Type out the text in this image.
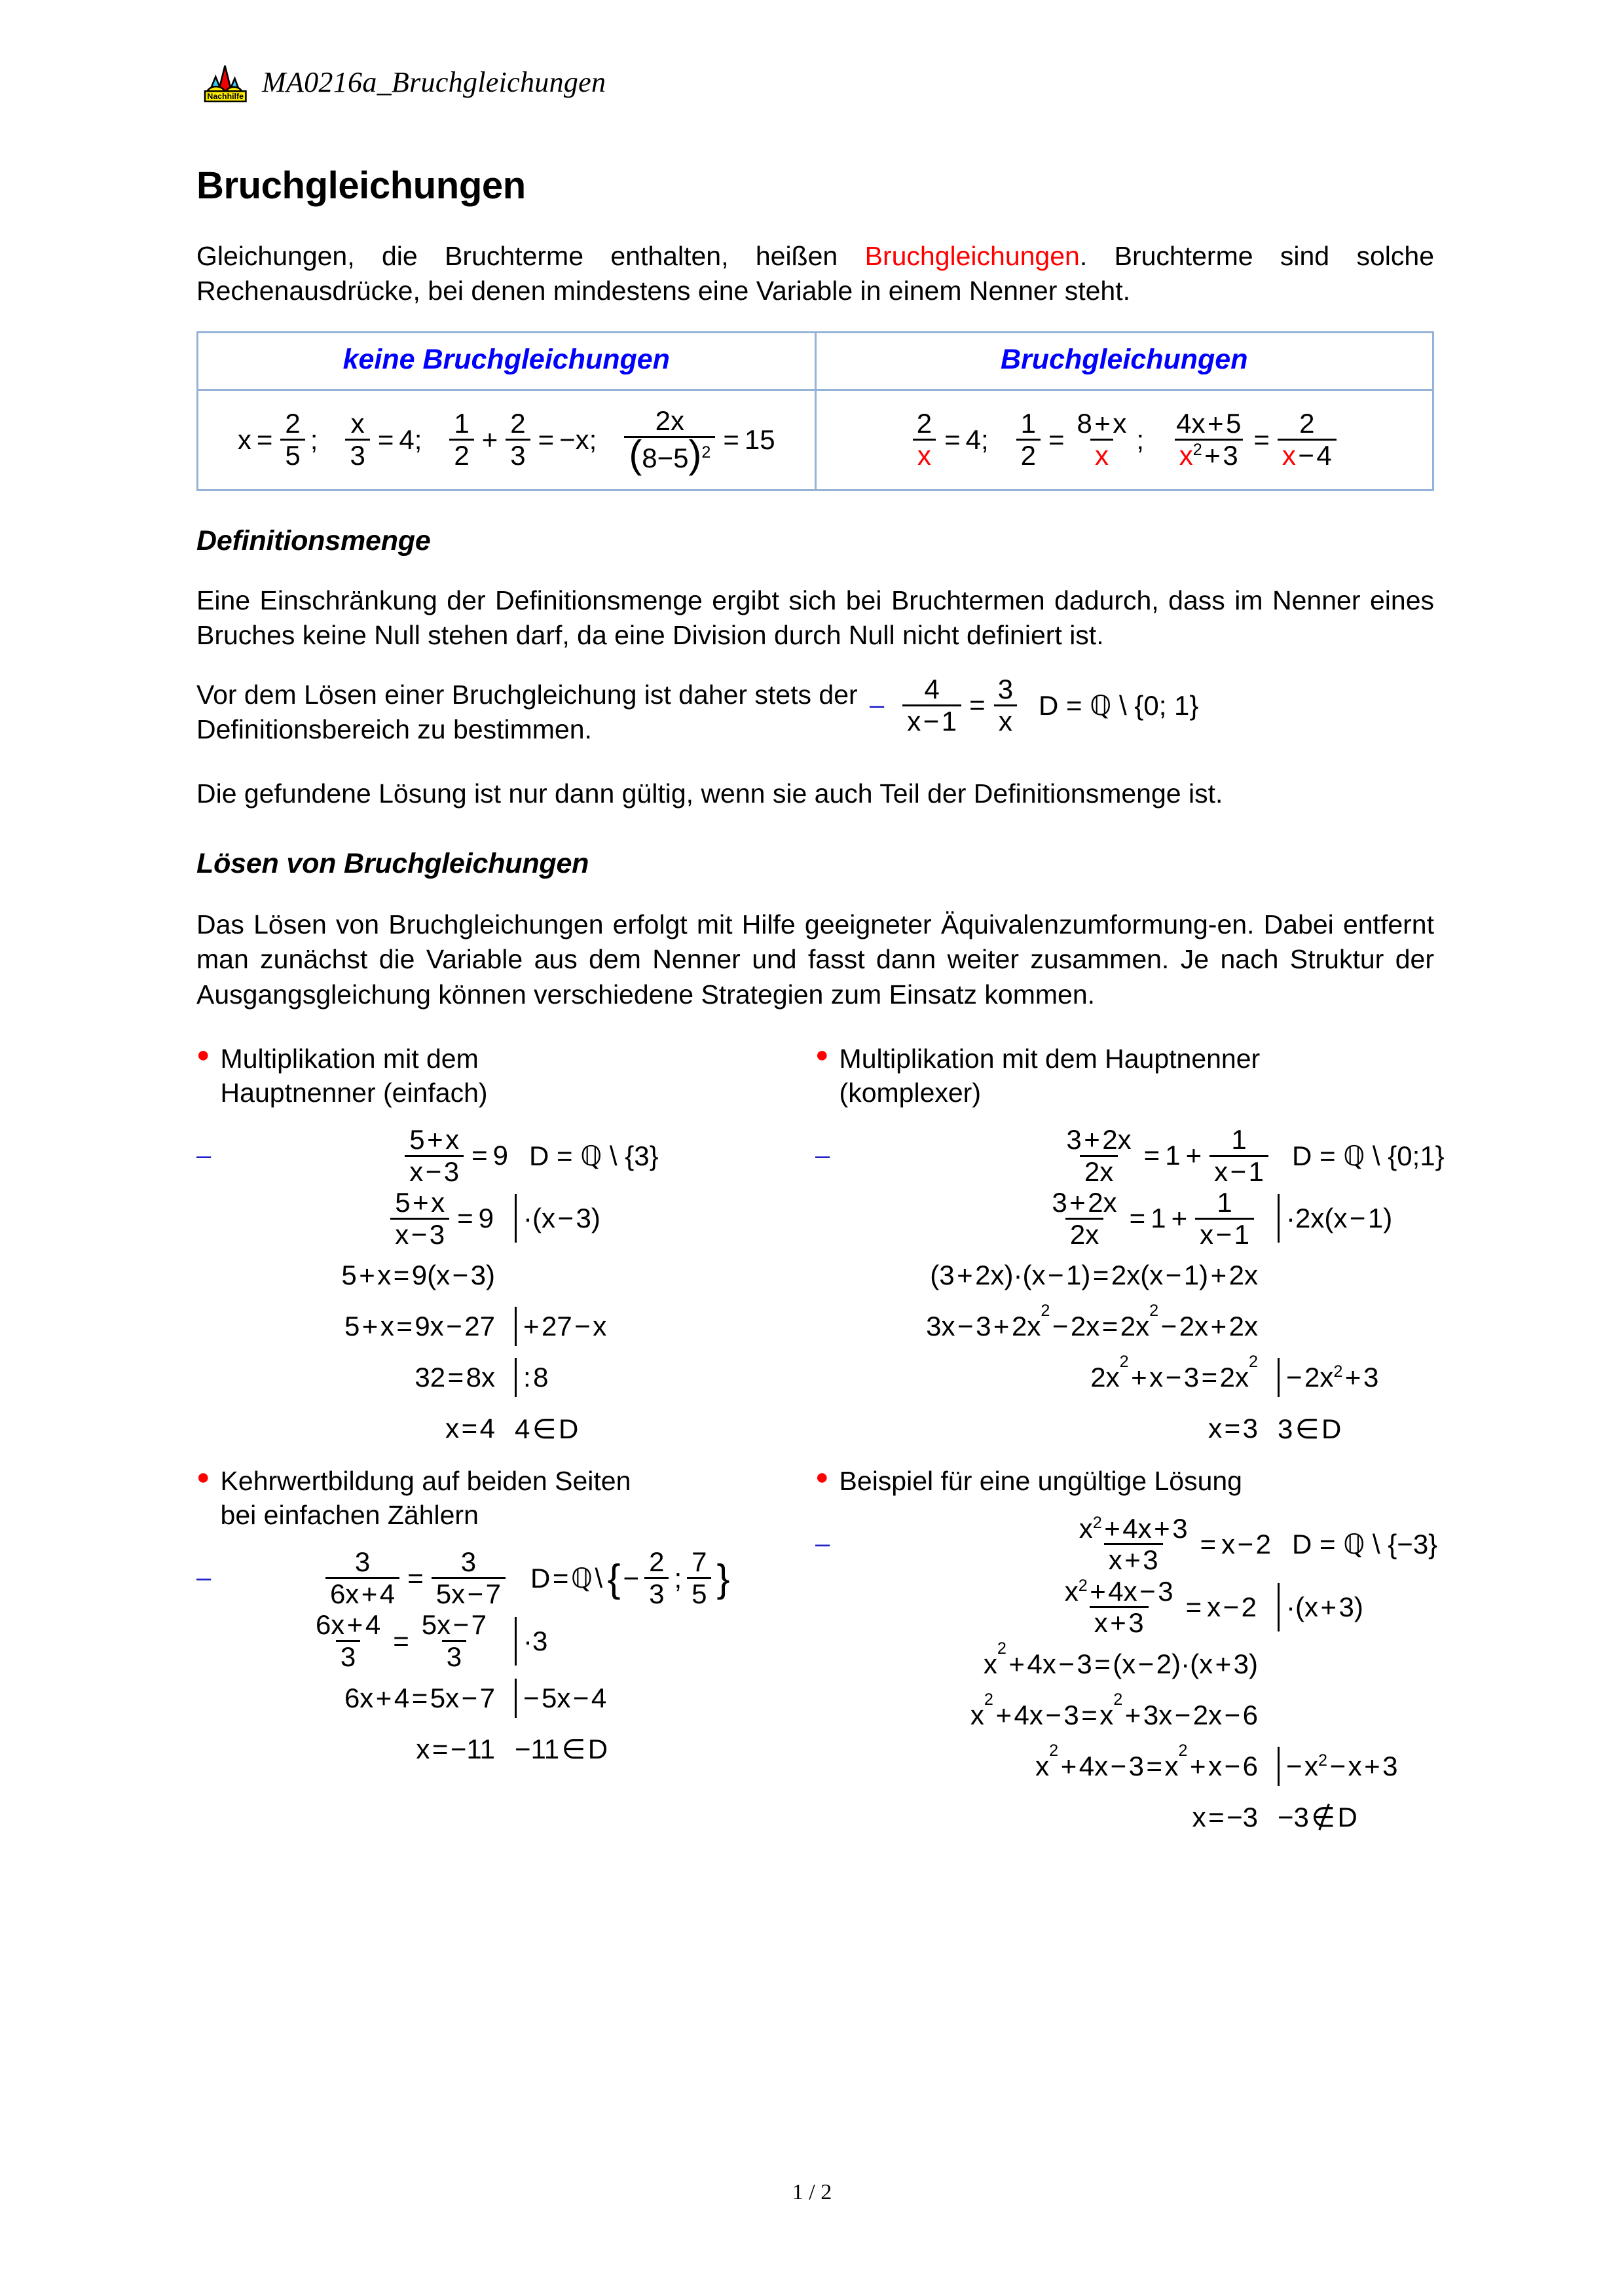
Nachhilfe MA0216a_Bruchgleichungen
Bruchgleichungen

Gleichungen, die Bruchterme enthalten, heißen Bruchgleichungen. Bruchterme sind solche Rechenausdrücke, bei denen mindestens eine Variable in einem Nenner steht.

keine Bruchgleichungen	Bruchgleichungen

$x = \frac{2}{5}$ ; $\frac{x}{3} = 4$; $\frac{1}{2} + \frac{2}{3} = -x$; $\frac{2x}{(8-5)^2} = 15$	$\frac{2}{x} = 4$; $\frac{1}{2} = \frac{8 + x}{x}$ ; $\frac{4x + 5}{x^2 + 3} = \frac{2}{x - 4}$
Definitionsmenge

Eine Einschränkung der Definitionsmenge ergibt sich bei Bruchtermen dadurch, dass im Nenner eines Bruches keine Null stehen darf, da eine Division durch Null nicht definiert ist.

Vor dem Lösen einer Bruchgleichung ist daher stets der Definitionsbereich zu bestimmen.
– $\frac{4}{x - 1} = \frac{3}{x}$ D = ℚ \ {0; 1}

Die gefundene Lösung ist nur dann gültig, wenn sie auch Teil der Definitionsmenge ist.

Lösen von Bruchgleichungen

Das Lösen von Bruchgleichungen erfolgt mit Hilfe geeigneter Äquivalenzumformung-en. Dabei entfernt man zunächst die Variable aus dem Nenner und fasst dann weiter zusammen. Je nach Struktur der Ausgangsgleichung können verschiedene Strategien zum Einsatz kommen.

● Multiplikation mit dem
Hauptnenner (einfach)
–	$\frac{5 + x}{x - 3} = 9$ D = ℚ \ {3}
$\frac{5 + x}{x - 3} = 9 \cdot(x$ − 3)
5 + x = 9(x − 3)
5 + x = 9x − 27 + 27 − x
32 = 8x : 8
x = 4 4 ∈ D
● Multiplikation mit dem Hauptnenner
(komplexer)
–	$\frac{3 + 2x}{2x} = 1 + \frac{1}{x - 1}$ D = ℚ \ {0;1}
$\frac{3 + 2x}{2x} = 1 + \frac{1}{x - 1} \cdot 2x(x$ − 1)
(3 + 2x)·(x − 1) = 2x(x − 1) + 2x
3x − 3 + 2x 2  − 2x = 2x 2  − 2x + 2x
2x 2  + x − 3 = 2x 2 − $2x^2$ + 3
x = 3 3 ∈ D
● Kehrwertbildung auf beiden Seiten
bei einfachen Zählern
–	$\frac{3}{6x + 4} = \frac{3}{5x - 7}$ D = ℚ \  { − $\frac{2}{3}$ ; $\frac{7}{5}$ }
$\frac{6x + 4}{3} = \frac{5x - 7}{3} \cdot 3$
6x + 4 = 5x − 7 − 5x − 4
x = −11 −11 ∈ D
● Beispiel für eine ungültige Lösung
–	$\frac{x^2 + 4x + 3}{x + 3} = x$ − 2 D = ℚ \ {−3}
$\frac{x^2 + 4x - 3}{x + 3} = x$ − 2 ·(x + 3)
x 2  + 4x − 3 = (x − 2)·(x + 3)
x 2  + 4x − 3 = x 2  + 3x − 2x − 6
x 2  + 4x − 3 = x 2  + x − 6 − $x^2$ − x + 3
x = −3 −3 ∉ D
1 / 2
